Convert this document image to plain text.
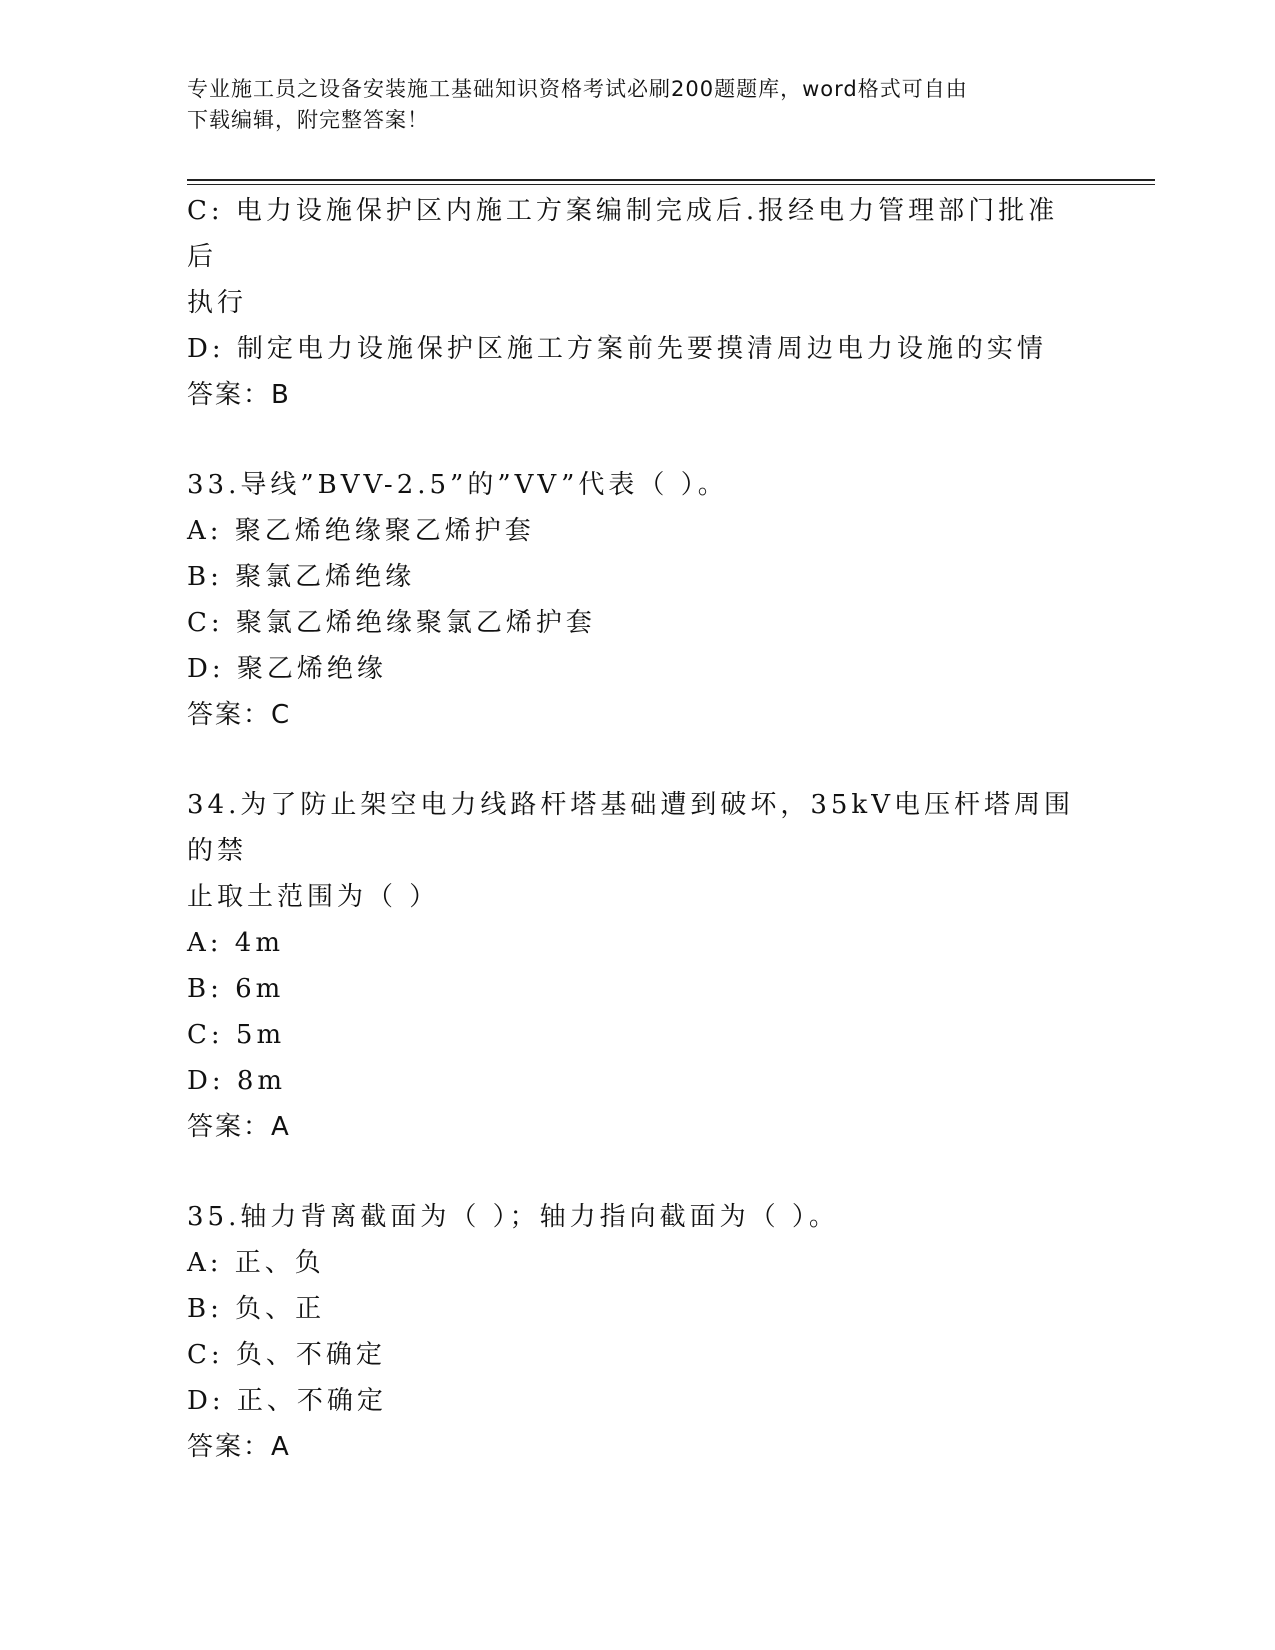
专业施工员之设备安装施工基础知识资格考试必刷200题题库，word格式可自由
下载编辑，附完整答案！
C: 电力设施保护区内施工方案编制完成后.报经电力管理部门批准后
执行
D: 制定电力设施保护区施工方案前先要摸清周边电力设施的实情
答案：B
33.导线”BVV-2.5”的”VV”代表（ ）。
A: 聚乙烯绝缘聚乙烯护套
B: 聚氯乙烯绝缘
C: 聚氯乙烯绝缘聚氯乙烯护套
D: 聚乙烯绝缘
答案：C
34.为了防止架空电力线路杆塔基础遭到破坏，35kV电压杆塔周围的禁
止取土范围为（ ）
A: 4m
B: 6m
C: 5m
D: 8m
答案：A
35.轴力背离截面为（ ）；轴力指向截面为（ ）。
A: 正、负
B: 负、正
C: 负、不确定
D: 正、不确定
答案：A
